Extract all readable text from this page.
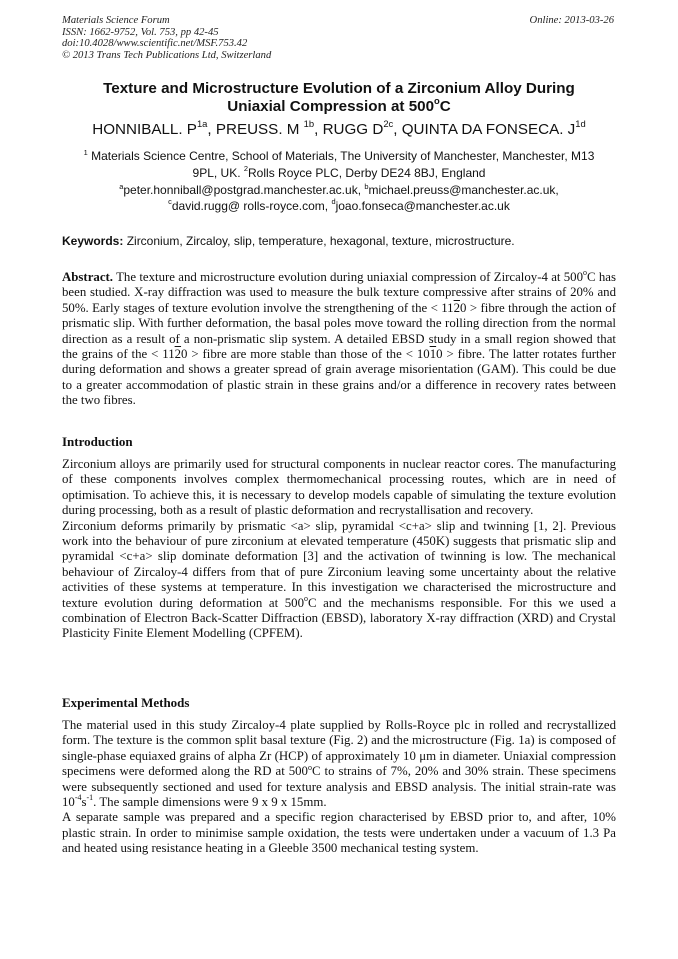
Materials Science Forum
ISSN: 1662-9752, Vol. 753, pp 42-45
doi:10.4028/www.scientific.net/MSF.753.42
© 2013 Trans Tech Publications Ltd, Switzerland
Online: 2013-03-26
Texture and Microstructure Evolution of a Zirconium Alloy During
Uniaxial Compression at 500$^o$C
HONNIBALL. $P^{1a}$, PREUSS. M $^{1b}$, RUGG $D^{2c}$, QUINTA DA FONSECA. $J^{1d}$
$^1$ Materials Science Centre, School of Materials, The University of Manchester, Manchester, M13
9PL, UK. $^2$Rolls Royce PLC, Derby DE24 8BJ, England
$^a$peter.honniball@postgrad.manchester.ac.uk, $^b$michael.preuss@manchester.ac.uk,
$^c$david.rugg@ rolls-royce.com, $^d$joao.fonseca@manchester.ac.uk
Keywords: Zirconium, Zircaloy, slip, temperature, hexagonal, texture, microstructure.

Abstract. The texture and microstructure evolution during uniaxial compression of Zircaloy-4 at 500$^o$C has been studied. X-ray diffraction was used to measure the bulk texture compressive after strains of 20% and 50%. Early stages of texture evolution involve the strengthening of the < 1120 > fibre through the action of prismatic slip. With further deformation, the basal poles move toward the rolling direction from the normal direction as a result of a non-prismatic slip system. A detailed EBSD study in a small region showed that the grains of the < 1120 > fibre are more stable than those of the < 1010 > fibre. The latter rotates further during deformation and shows a greater spread of grain average misorientation (GAM). This could be due to a greater accommodation of plastic strain in these grains and/or a difference in recovery rates between the two fibres.

Introduction

Zirconium alloys are primarily used for structural components in nuclear reactor cores. The manufacturing of these components involves complex thermomechanical processing routes, which are in need of optimisation. To achieve this, it is necessary to develop models capable of simulating the texture evolution during processing, both as a result of plastic deformation and recrystallisation and recovery.

Zirconium deforms primarily by prismatic <a> slip, pyramidal <c+a> slip and twinning [1, 2]. Previous work into the behaviour of pure zirconium at elevated temperature (450K) suggests that prismatic slip and pyramidal <c+a> slip dominate deformation [3] and the activation of twinning is low. The mechanical behaviour of Zircaloy-4 differs from that of pure Zirconium leaving some uncertainty about the relative activities of these systems at temperature. In this investigation we characterised the microstructure and texture evolution during deformation at 500$^o$C and the mechanisms responsible. For this we used a combination of Electron Back-Scatter Diffraction (EBSD), laboratory X-ray diffraction (XRD) and Crystal Plasticity Finite Element Modelling (CPFEM).

Experimental Methods

The material used in this study Zircaloy-4 plate supplied by Rolls-Royce plc in rolled and recrystallized form. The texture is the common split basal texture (Fig. 2) and the microstructure (Fig. 1a) is composed of single-phase equiaxed grains of alpha Zr (HCP) of approximately 10 μm in diameter. Uniaxial compression specimens were deformed along the RD at 500$^o$C to strains of 7%, 20% and 30% strain. These specimens were subsequently sectioned and used for texture analysis and EBSD analysis. The initial strain-rate was $10^{-4}s^{-1}$. The sample dimensions were 9 x 9 x 15mm.

A separate sample was prepared and a specific region characterised by EBSD prior to, and after, 10% plastic strain. In order to minimise sample oxidation, the tests were undertaken under a vacuum of 1.3 Pa and heated using resistance heating in a Gleeble 3500 mechanical testing system.
